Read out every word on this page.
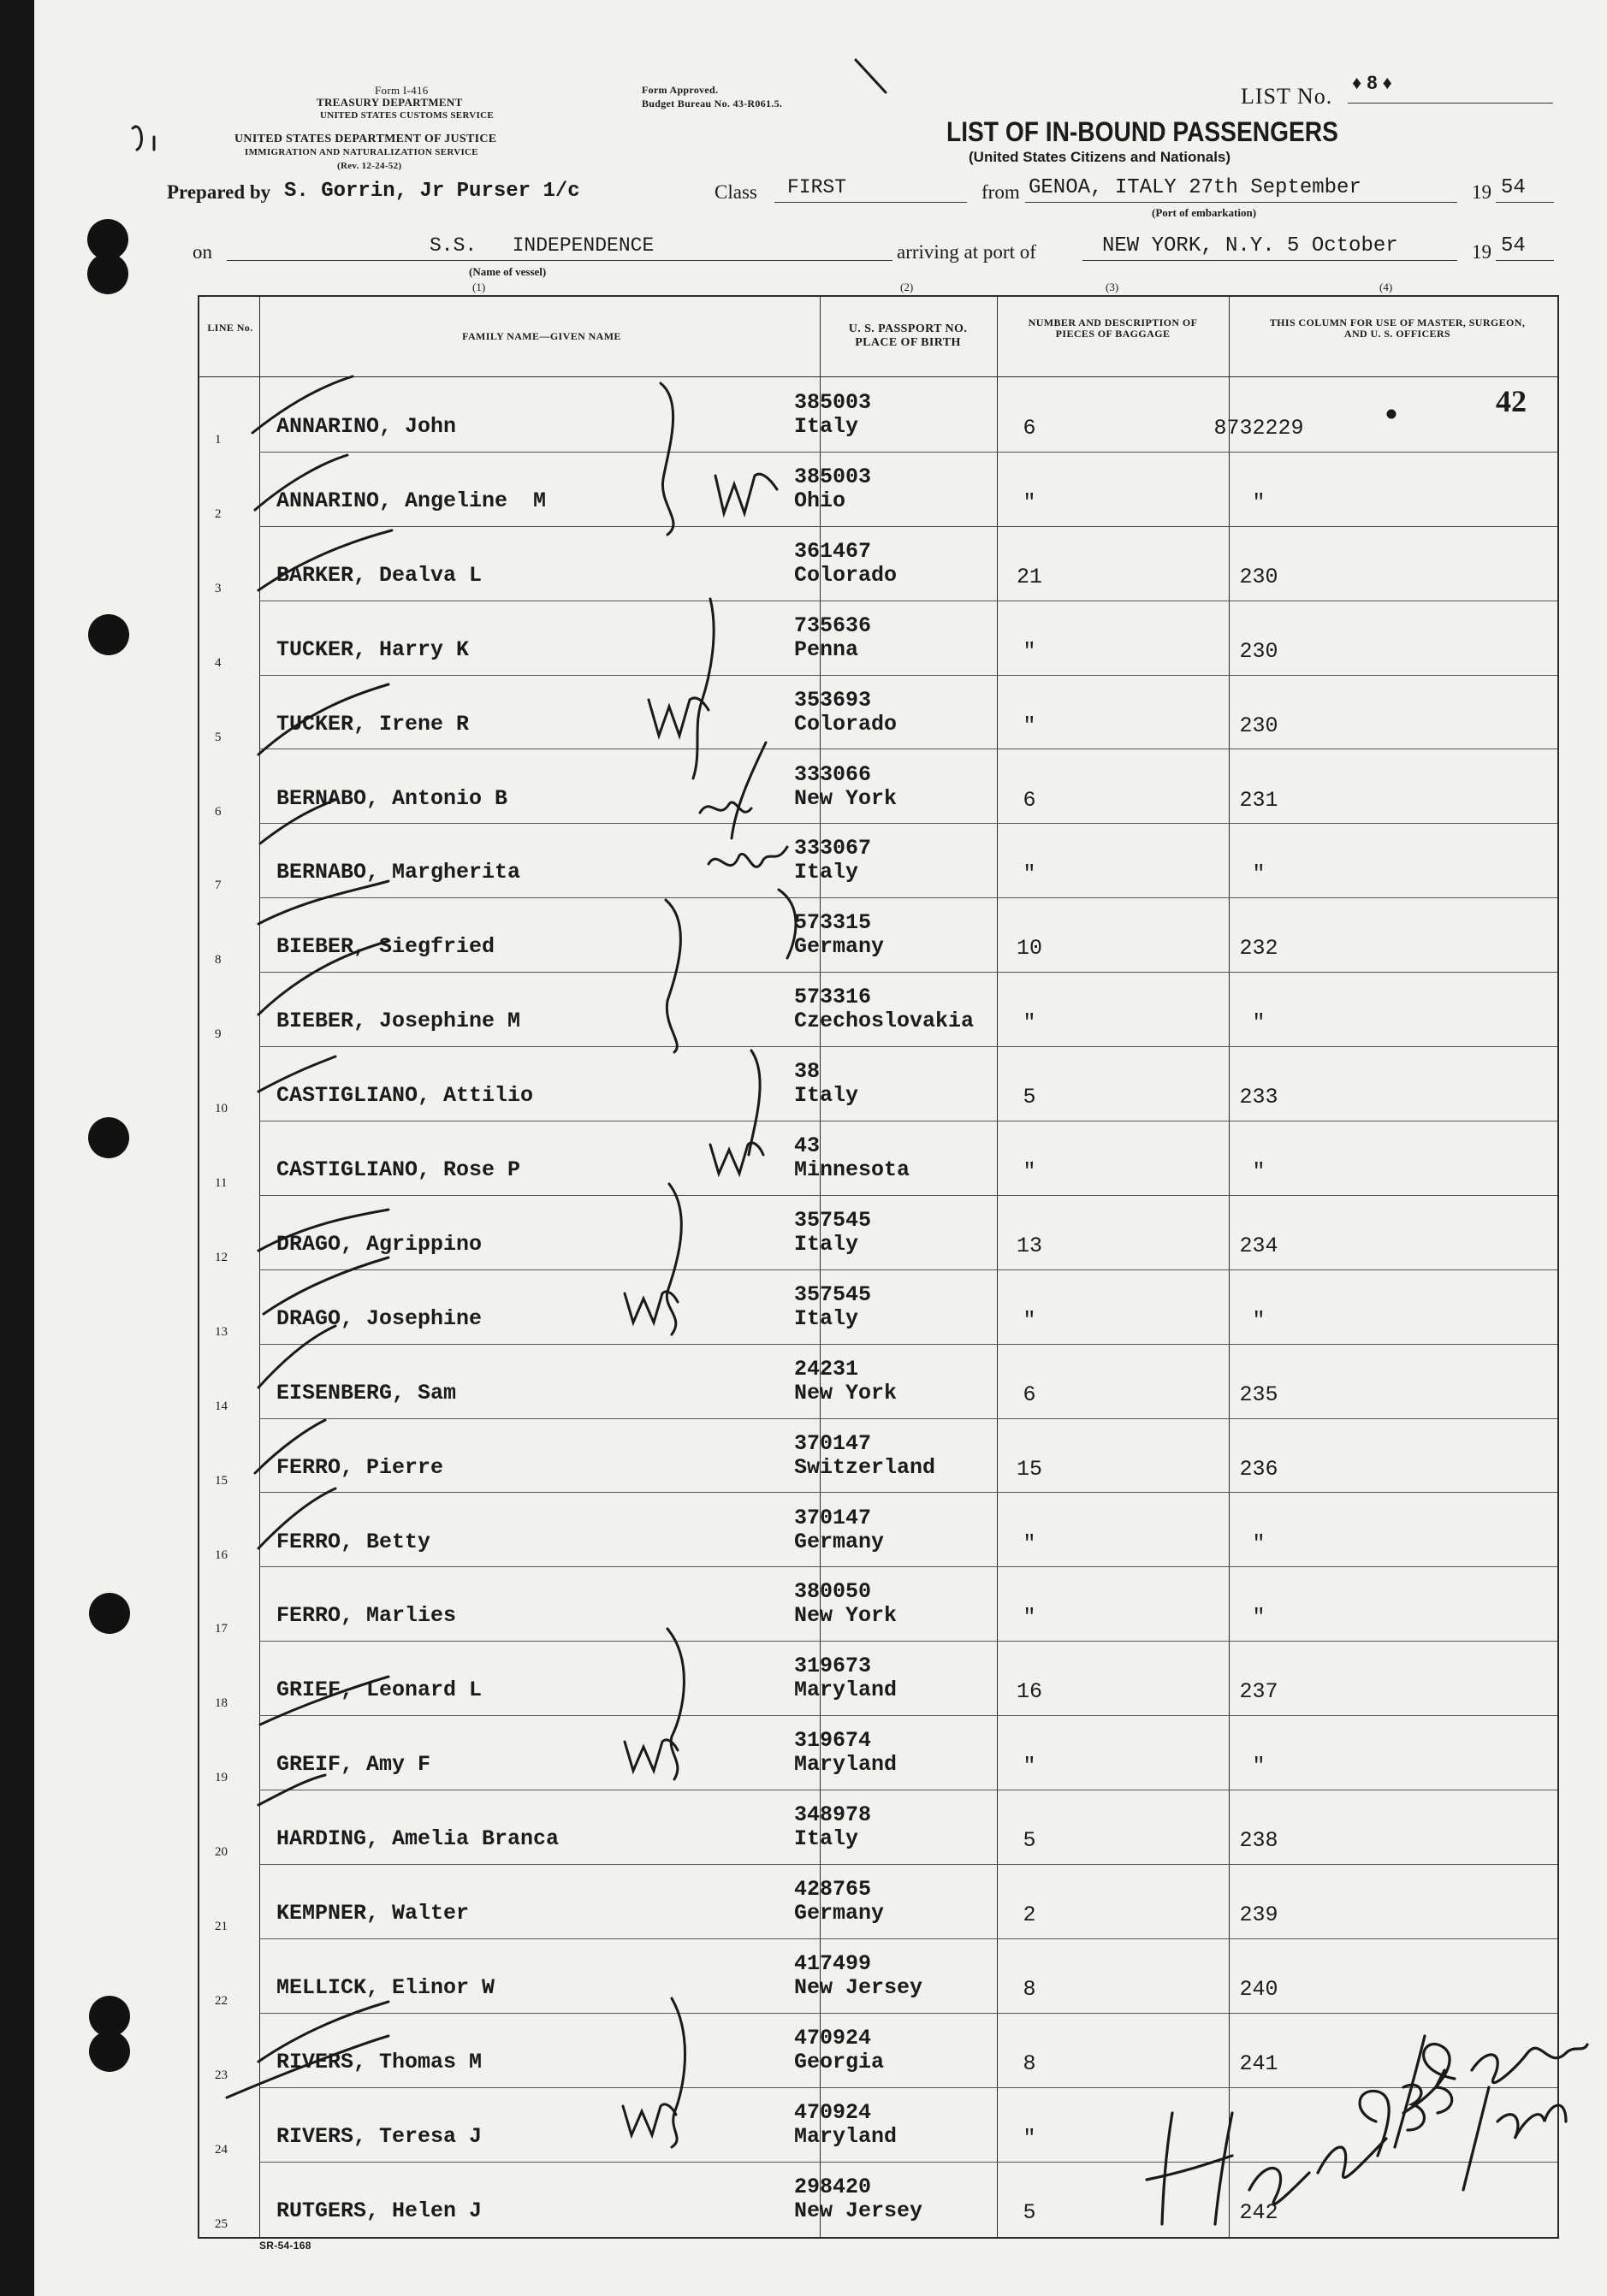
Form I-416
TREASURY DEPARTMENT
UNITED STATES CUSTOMS SERVICE
UNITED STATES DEPARTMENT OF JUSTICE
IMMIGRATION AND NATURALIZATION SERVICE
(Rev. 12-24-52)
Form Approved.
Budget Bureau No. 43-R061.5.	LIST No.
♦ 8 ♦
LIST OF IN-BOUND PASSENGERS
(United States Citizens and Nationals)
Prepared by S. Gorrin, Jr Purser 1/c	Class FIRST	from GENOA, ITALY 27th September	19 54
(Port of embarkation)
on	S.S.   INDEPENDENCE
(Name of vessel)
arriving at port of	NEW YORK, N.Y. 5 October	19 54
(1)	(2)	(3)	(4)
LINE No.
FAMILY NAME—GIVEN NAME
U. S. PASSPORT NO. PLACE OF BIRTH
NUMBER AND DESCRIPTION OF PIECES OF BAGGAGE
THIS COLUMN FOR USE OF MASTER, SURGEON, AND U. S. OFFICERS
1
ANNARINO, John
385003
Italy	6	8732229
2
ANNARINO, Angeline  M
385003
Ohio	"	"
3
BARKER, Dealva L
361467
Colorado	21	230
4
TUCKER, Harry K
735636
Penna	"	230
5
TUCKER, Irene R
353693
Colorado	"	230
6
BERNABO, Antonio B
333066
New York	6	231
7
BERNABO, Margherita
333067
Italy	"	"
8
BIEBER, Siegfried
573315
Germany	10	232
9
BIEBER, Josephine M
573316
Czechoslovakia	"	"
10
CASTIGLIANO, Attilio
38
Italy	5	233
11
CASTIGLIANO, Rose P
43
Minnesota	"	"
12
DRAGO, Agrippino
357545
Italy	13	234
13
DRAGO, Josephine
357545
Italy	"	"
14
EISENBERG, Sam
24231
New York	6	235
15
FERRO, Pierre
370147
Switzerland	15	236
16
FERRO, Betty
370147
Germany	"	"
17
FERRO, Marlies
380050
New York	"	"
18
GRIEF, Leonard L
319673
Maryland	16	237
19
GREIF, Amy F
319674
Maryland	"	"
20
HARDING, Amelia Branca
348978
Italy	5	238
21
KEMPNER, Walter
428765
Germany	2	239
22
MELLICK, Elinor W
417499
New Jersey	8	240
23
RIVERS, Thomas M
470924
Georgia	8	241
24
RIVERS, Teresa J
470924
Maryland	"
25
RUTGERS, Helen J
298420
New Jersey	5	242
42
SR-54-168
